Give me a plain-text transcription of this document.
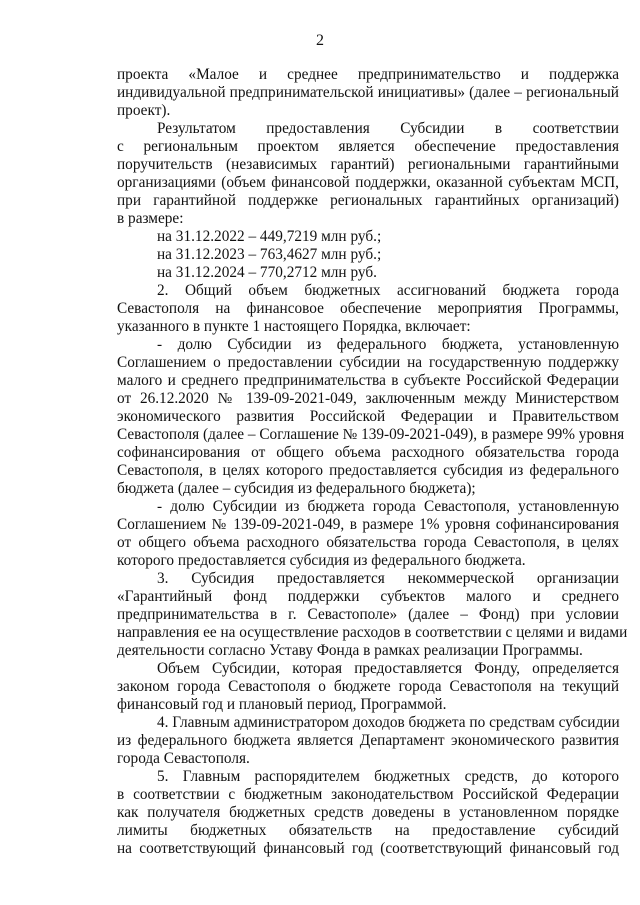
2
проекта «Малое и среднее предпринимательство и поддержка
индивидуальной предпринимательской инициативы» (далее – региональный
проект).
Результатом предоставления Субсидии в соответствии
с региональным проектом является обеспечение предоставления
поручительств (независимых гарантий) региональными гарантийными
организациями (объем финансовой поддержки, оказанной субъектам МСП,
при гарантийной поддержке региональных гарантийных организаций)
в размере:
на 31.12.2022 – 449,7219 млн руб.;
на 31.12.2023 – 763,4627 млн руб.;
на 31.12.2024 – 770,2712 млн руб.
2. Общий объем бюджетных ассигнований бюджета города
Севастополя на финансовое обеспечение мероприятия Программы,
указанного в пункте 1 настоящего Порядка, включает:
- долю Субсидии из федерального бюджета, установленную
Соглашением о предоставлении субсидии на государственную поддержку
малого и среднего предпринимательства в субъекте Российской Федерации
от 26.12.2020 № 139-09-2021-049, заключенным между Министерством
экономического развития Российской Федерации и Правительством
Севастополя (далее – Соглашение № 139-09-2021-049), в размере 99% уровня
софинансирования от общего объема расходного обязательства города
Севастополя, в целях которого предоставляется субсидия из федерального
бюджета (далее – субсидия из федерального бюджета);
- долю Субсидии из бюджета города Севастополя, установленную
Соглашением № 139-09-2021-049, в размере 1% уровня софинансирования
от общего объема расходного обязательства города Севастополя, в целях
которого предоставляется субсидия из федерального бюджета.
3. Субсидия предоставляется некоммерческой организации
«Гарантийный фонд поддержки субъектов малого и среднего
предпринимательства в г. Севастополе» (далее – Фонд) при условии
направления ее на осуществление расходов в соответствии с целями и видами
деятельности согласно Уставу Фонда в рамках реализации Программы.
Объем Субсидии, которая предоставляется Фонду, определяется
законом города Севастополя о бюджете города Севастополя на текущий
финансовый год и плановый период, Программой.
4. Главным администратором доходов бюджета по средствам субсидии
из федерального бюджета является Департамент экономического развития
города Севастополя.
5. Главным распорядителем бюджетных средств, до которого
в соответствии с бюджетным законодательством Российской Федерации
как получателя бюджетных средств доведены в установленном порядке
лимиты бюджетных обязательств на предоставление субсидий
на соответствующий финансовый год (соответствующий финансовый год
